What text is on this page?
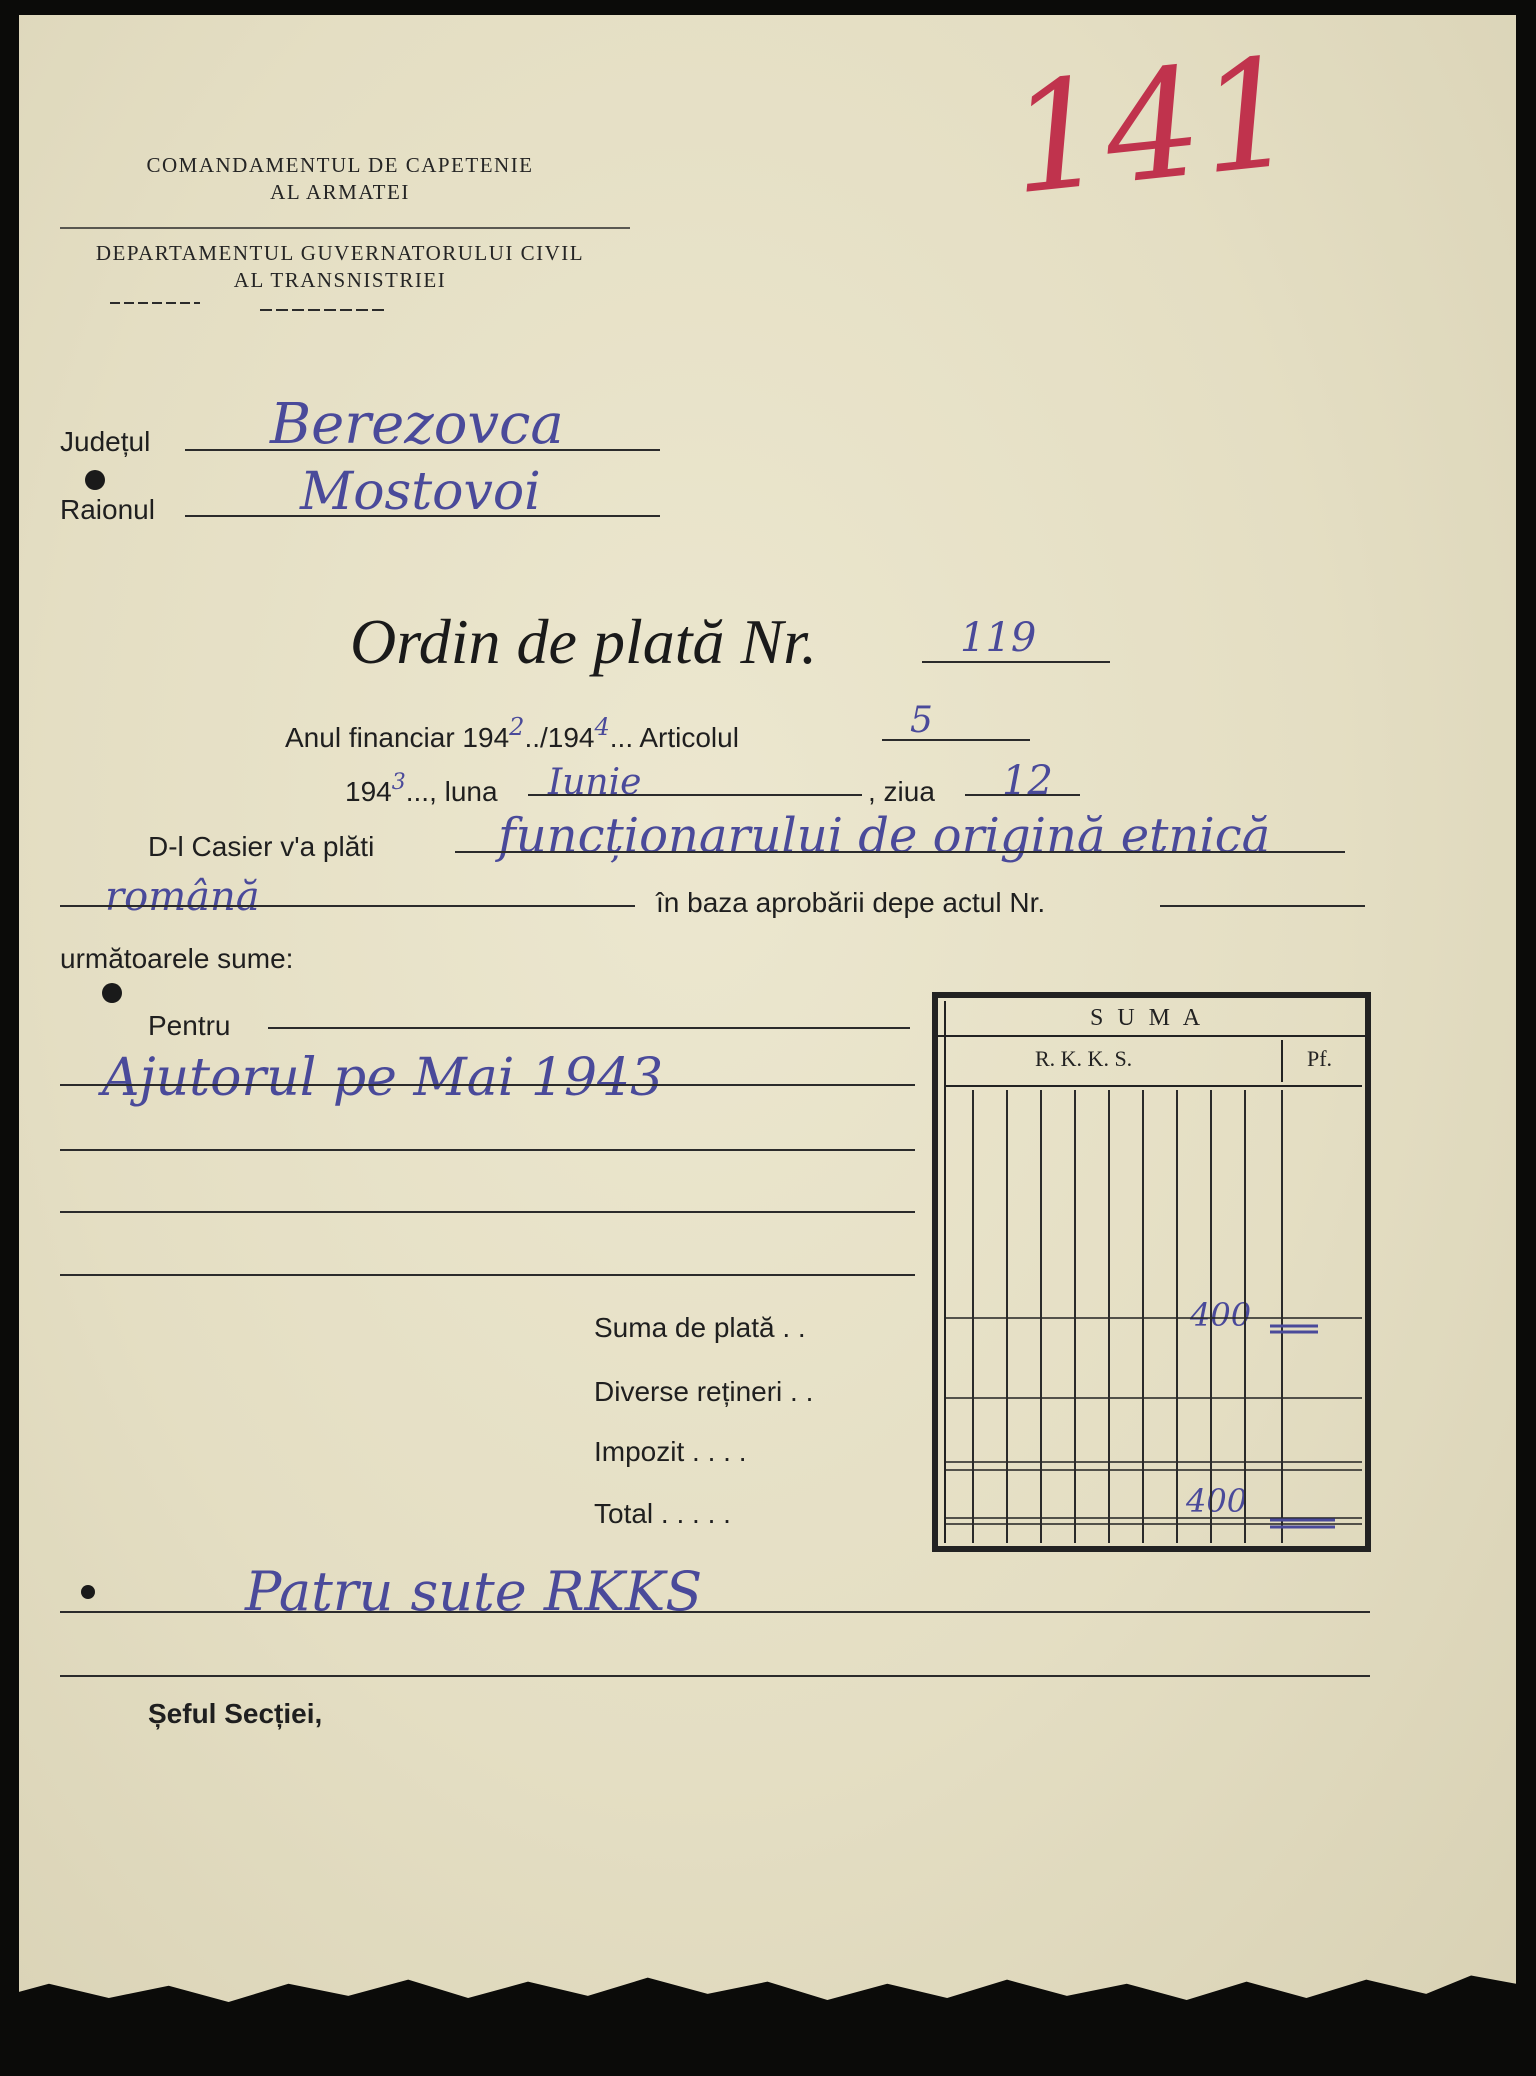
COMANDAMENTUL DE CAPETENIE
AL ARMATEI
DEPARTAMENTUL GUVERNATORULUI CIVIL
AL TRANSNISTRIEI
141
Județul Berezovca
Raionul	Mostovoi
Ordin de plată Nr.	119
Anul financiar 1942../1944... Articolul	5
$194^3$..., luna Iunie	, ziua 12
D-l Casier v'a plăti	funcționarului de origină etnică
română	în baza aprobării depe actul Nr.
următoarele sume:
Pentru
Ajutorul pe Mai 1943
S U M A
R. K. K. S.	Pf.
Suma de plată . .	400
Diverse rețineri . .
Impozit . . . .
Total . . . . .	400
Patru sute RKKS
Șeful Secției,
